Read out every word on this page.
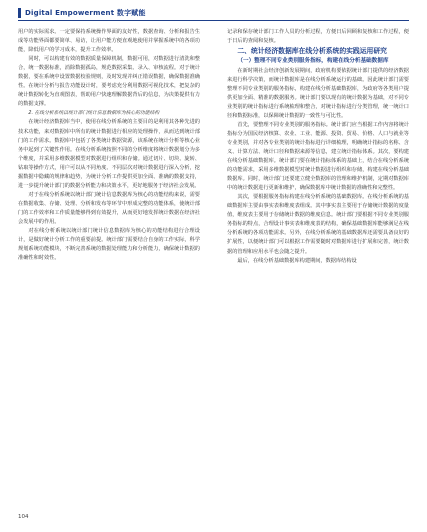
Digital Empowerment 数字赋能

用户的实际需求。一定要保持系统操作界面的友好性，数据查询、分析和报告生成等功能界面都要简单、易访，让用户能方便直观地使用并掌握系统中的各项功能，降低用户的学习成本，提升工作效率。

同时，可以构建有效的数据质量保障机制，数据可用，对数据进行清洗和整合，统一数据标准，消除数据孤岛，规范数据采集、录入、审核流程。对于统计数据，要在系统中设置数据校验规则，及时发现并纠正错误数据，确保数据准确性。在统计分析与报告功能设计时，要考虑充分利用数据可视化技术，把复杂的统计数据转化为直观图表，帮助用户快速理解数据背后的信息，为决策提供有力的数据支撑。

2. 在线分析系统以统计部门统计信息数据库为核心的功能结构

在统计经济数据库当中，使用在线分析系统的主要目的是利用其各种先进的技术功能，来对数据库中所有的统计数据进行相应的处理操作，从而达到统计部门的工作需求。数据库中包括了各类统计数据资源，该系统在统计分析等核心业务中起到了关键性作用。在线分析系统按照不同的分析维度将统计数据划分为多个维度，并采用多维数据模型对数据进行组织和存储。通过切片、切块、旋转、钻取等操作方式，用户可以从不同角度、不同层次对统计数据进行深入分析，挖掘数据中隐藏的规律和趋势，为统计分析工作提供更加全面、准确的数据支持，进一步提升统计部门的数据分析能力和决策水平，更好地服务于经济社会发展。

对于在线分析系统以统计部门统计信息数据库为核心的功能结构来说，需要在数据收集、存储、处理、分析和发布等环节中形成完整的功能体系，使统计部门的工作效率和工作质量能够得到有效提升，从而更好地发挥统计数据在经济社会发展中的作用。

对在线分析系统以统计部门统计信息数据库为核心的功能结构进行合理设计，是做好统计分析工作的重要前提。统计部门需要结合自身的工作实际，科学规划系统功能模块，不断完善系统的数据处理能力和分析能力，确保统计数据的准确性和时效性。

记录和保存统计部门工作人员的分析过程，方便日后回顾和复核和工作过程，便于日后的查阅和复核。

二、统计经济数据库在线分析系统的实践运用研究

（一）整理不同专业类别服务指标，构建在线分析基础数据库

在新时期社会经济创新发展期间，政府机构要依据统计部门提供的经济数据来进行科学决策，而统计数据库是在线分析系统运行的基础。因此统计部门需要整理不同专业类别的服务指标，构建在线分析基础数据库，为政府等各类用户提供更加全面、精准的数据服务。统计部门要以现有的统计数据为基础，对不同专业类别的统计指标进行系统梳理和整合，对统计指标进行分类管理，统一统计口径和数据标准，以保障统计数据的一致性与可比性。

首先，要整理不同专业类别的服务指标。统计部门应当根据工作内容将统计指标分为国民经济核算、农业、工业、能源、投资、贸易、价格、人口与就业等专业类别，并对各专业类别的统计指标进行详细梳理，明确统计指标的名称、含义、计算方法、统计口径和数据来源等信息，建立统计指标体系。其次，要构建在线分析基础数据库。统计部门要在统计指标体系的基础上，结合在线分析系统的功能需求，采用多维数据模型对统计数据进行组织和存储，构建在线分析基础数据库。同时，统计部门还要建立健全数据库的管理和维护机制，定期对数据库中的统计数据进行更新和维护，确保数据库中统计数据的准确性和完整性。

其次，要根据服务指标构建在线分析系统的基础数据库。在线分析系统的基础数据库主要由事实表和维度表组成。其中事实表主要用于存储统计数据的度量值，维度表主要用于存储统计数据的维度信息。统计部门要根据不同专业类别服务指标的特点，合理设计事实表和维度表的结构，确保基础数据库能够满足在线分析系统的各项功能需求。另外，在线分析系统的基础数据库还需要具备良好的扩展性，以便统计部门可以根据工作需要随时对数据库进行扩展和完善，统计数据的管理和应用水平也会随之提升。

最后，在线分析基础数据库构建期间，数据库结构设

104
